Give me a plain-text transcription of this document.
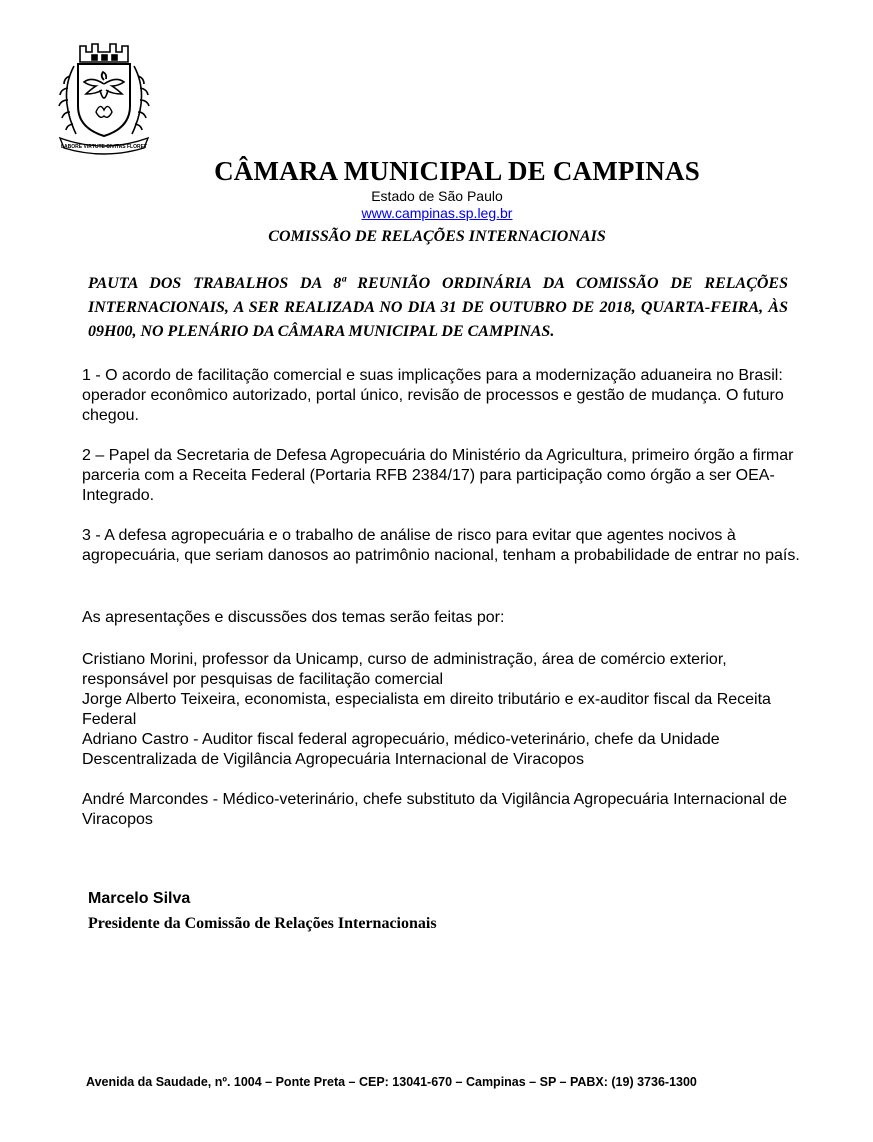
LABORE VIRTUTE CIVITAS FLORET
CÂMARA MUNICIPAL DE CAMPINAS
Estado de São Paulo
www.campinas.sp.leg.br
COMISSÃO DE RELAÇÕES INTERNACIONAIS
PAUTA DOS TRABALHOS DA 8ª REUNIÃO ORDINÁRIA DA COMISSÃO DE RELAÇÕES INTERNACIONAIS, A SER REALIZADA NO DIA 31 DE OUTUBRO DE 2018, QUARTA-FEIRA, ÀS 09H00, NO PLENÁRIO DA CÂMARA MUNICIPAL DE CAMPINAS.
1 - O acordo de facilitação comercial e suas implicações para a modernização aduaneira no Brasil: operador econômico autorizado, portal único, revisão de processos e gestão de mudança. O futuro chegou.
2 – Papel da Secretaria de Defesa Agropecuária do Ministério da Agricultura, primeiro órgão a firmar parceria com a Receita Federal (Portaria RFB 2384/17) para participação como órgão a ser OEA-Integrado.
3 - A defesa agropecuária e o trabalho de análise de risco para evitar que agentes nocivos à agropecuária, que seriam danosos ao patrimônio nacional, tenham a probabilidade de entrar no país.
As apresentações e discussões dos temas serão feitas por:
Cristiano Morini, professor da Unicamp, curso de administração, área de comércio exterior, responsável por pesquisas de facilitação comercial
Jorge Alberto Teixeira, economista, especialista em direito tributário e ex-auditor fiscal da Receita Federal
Adriano Castro - Auditor fiscal federal agropecuário, médico-veterinário, chefe da Unidade Descentralizada de Vigilância Agropecuária Internacional de Viracopos
André Marcondes - Médico-veterinário, chefe substituto da Vigilância Agropecuária Internacional de Viracopos
Marcelo Silva
Presidente da Comissão de Relações Internacionais
Avenida da Saudade, nº. 1004 – Ponte Preta – CEP: 13041-670 – Campinas – SP – PABX: (19) 3736-1300
